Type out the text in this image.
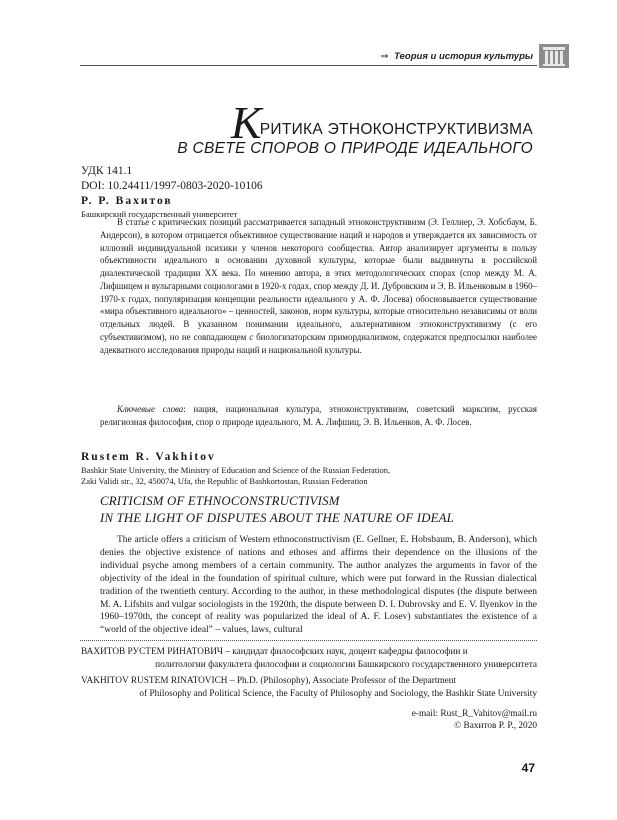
⇒ Теория и история культуры
КРИТИКА ЭТНОКОНСТРУКТИВИЗМА
В СВЕТЕ СПОРОВ О ПРИРОДЕ ИДЕАЛЬНОГО
УДК 141.1
DOI: 10.24411/1997-0803-2020-10106
Р. Р. Вахитов
Башкирский государственный университет

В статье с критических позиций рассматривается западный этноконструктивизм (Э. Геллнер, Э. Хобсбаум, Б. Андерсон), в котором отрицается объективное существование наций и народов и утверждается их зависимость от иллюзий индивидуальной психики у членов некоторого сообщества. Автор анализирует аргументы в пользу объективности идеального в основании духовной культуры, которые были выдвинуты в российской диалектической традиции XX века. По мнению автора, в этих методологических спорах (спор между М. А. Лифшицем и вульгарными социологами в 1920-х годах, спор между Д. И. Дубровским и Э. В. Ильенковым в 1960–1970-х годах, популяризация концепции реальности идеального у А. Ф. Лосева) обосновывается существование «мира объективного идеального» – ценностей, законов, норм культуры, которые относительно независимы от воли отдельных людей. В указанном понимании идеального, альтернативном этноконструктивизму (с его субъективизмом), но не совпадающем с биологизаторским примордиализмом, содержатся предпосылки наиболее адекватного исследования природы наций и национальной культуры.

Ключевые слова: нация, национальная культура, этноконструктивизм, советский марксизм, русская религиозная философия, спор о природе идеального, М. А. Лифшиц, Э. В. Ильенков, А. Ф. Лосев.

Rustem R. Vakhitov
Bashkir State University, the Ministry of Education and Science of the Russian Federation,
Zaki Validi str., 32, 450074, Ufa, the Republic of Bashkortostan, Russian Federation
CRITICISM OF ETHNOCONSTRUCTIVISM
IN THE LIGHT OF DISPUTES ABOUT THE NATURE OF IDEAL

The article offers a criticism of Western ethnoconstructivism (E. Gellner, E. Hobsbaum, B. Anderson), which denies the objective existence of nations and ethoses and affirms their dependence on the illusions of the individual psyche among members of a certain community. The author analyzes the arguments in favor of the objectivity of the ideal in the foundation of spiritual culture, which were put forward in the Russian dialectical tradition of the twentieth century. According to the author, in these methodological disputes (the dispute between M. A. Lifshits and vulgar sociologists in the 1920th, the dispute between D. I. Dubrovsky and E. V. Ilyenkov in the 1960–1970th, the concept of reality was popularized the ideal of A. F. Losev) substantiates the existence of a “world of the objective ideal” – values, laws, cultural

ВАХИТОВ РУСТЕМ РИНАТОВИЧ – кандидат философских наук, доцент кафедры философии и
политологии факультета философии и социологии Башкирского государственного университета

VAKHITOV RUSTEM RINATOVICH – Ph.D. (Philosophy), Associate Professor of the Department
of Philosophy and Political Science, the Faculty of Philosophy and Sociology, the Bashkir State University

e-mail: Rust_R_Vahitov@mail.ru
© Вахитов Р. Р., 2020
47
